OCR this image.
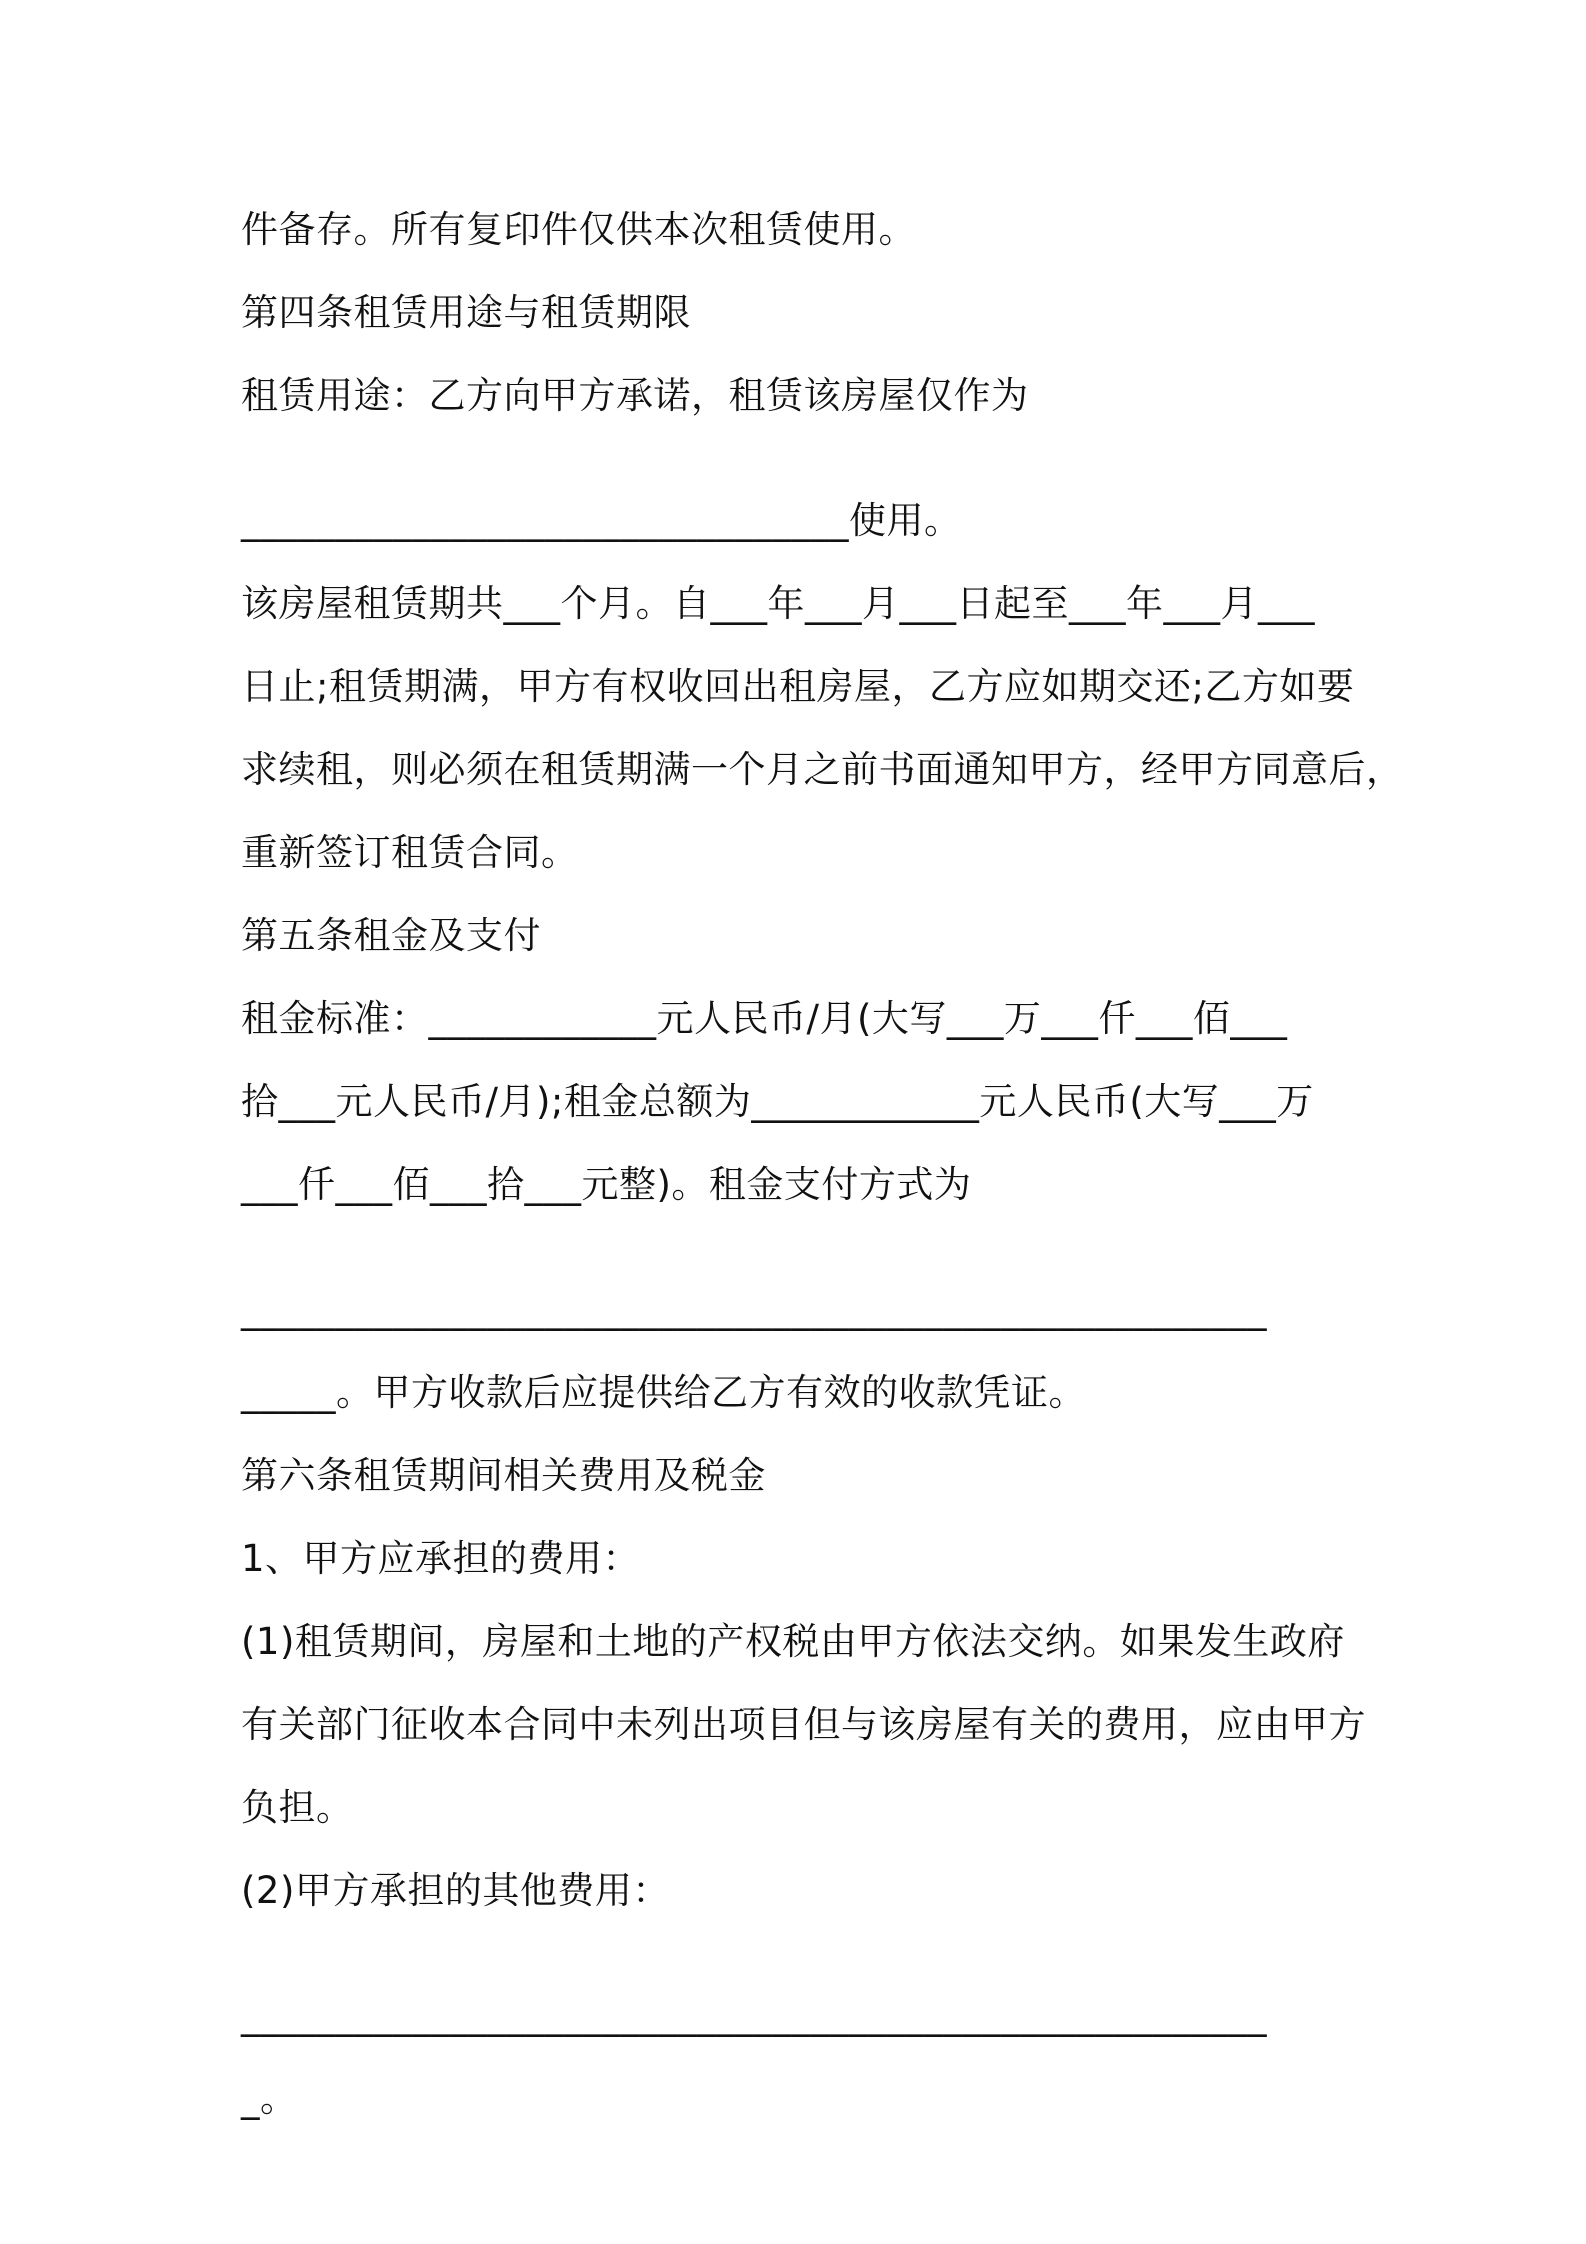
件备存。所有复印件仅供本次租赁使用。
第四条租赁用途与租赁期限
租赁用途：乙方向甲方承诺，租赁该房屋仅作为
________________________________使用。
该房屋租赁期共___个月。自___年___月___日起至___年___月___
日止;租赁期满，甲方有权收回出租房屋，乙方应如期交还;乙方如要
求续租，则必须在租赁期满一个月之前书面通知甲方，经甲方同意后，
重新签订租赁合同。
第五条租金及支付
租金标准：____________元人民币/月(大写___万___仟___佰___
拾___元人民币/月);租金总额为____________元人民币(大写___万
___仟___佰___拾___元整)。租金支付方式为
______________________________________________________
_____。甲方收款后应提供给乙方有效的收款凭证。
第六条租赁期间相关费用及税金
1、甲方应承担的费用：
(1)租赁期间，房屋和土地的产权税由甲方依法交纳。如果发生政府
有关部门征收本合同中未列出项目但与该房屋有关的费用，应由甲方
负担。
(2)甲方承担的其他费用：
______________________________________________________
_。
